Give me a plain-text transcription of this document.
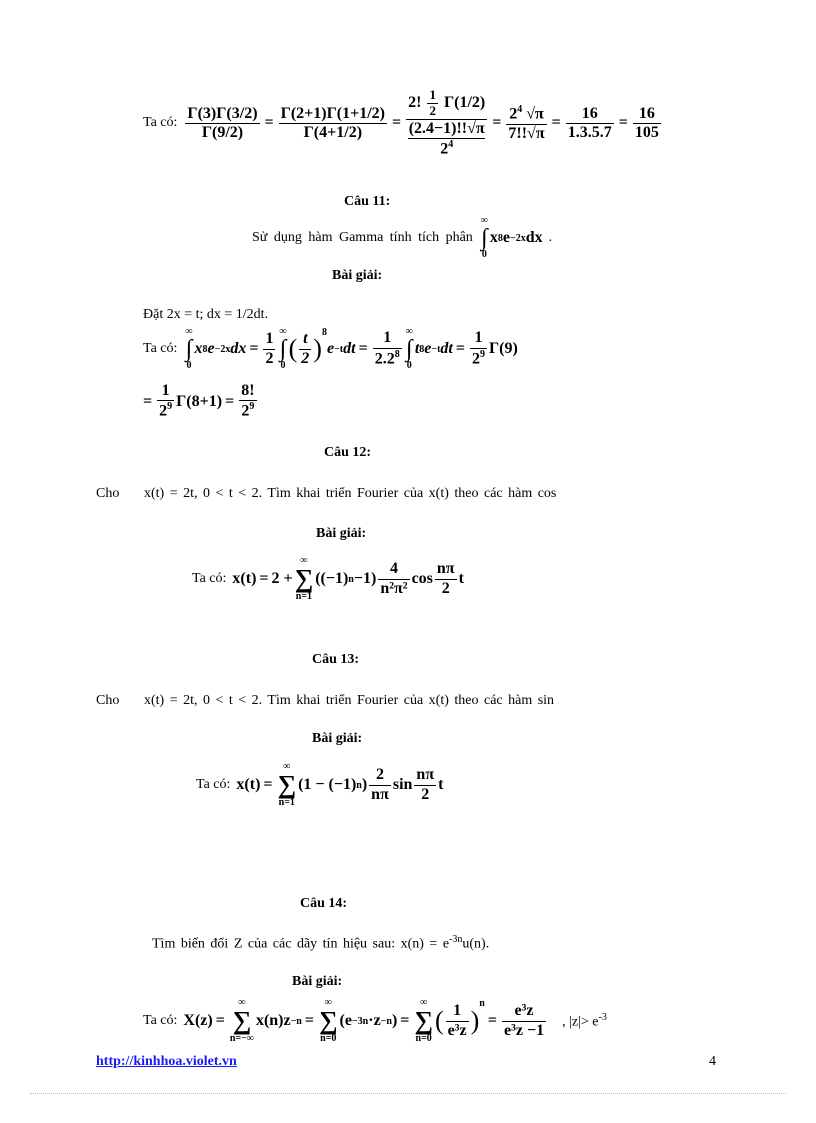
Ta có: $\frac{\Gamma(3)\Gamma(3/2)}{\Gamma(9/2)} = \frac{\Gamma(2+1)\Gamma(1+1/2)}{\Gamma(4+1/2)} = 2$! $\frac{1}{2} \Gamma(1/2)$
(2.4−1)!!√π
$2^4 = \frac{2^4 √\pi}{7!!√\pi} = \frac{16}{1.3.5.7} = \frac{16}{105}$
Câu 11:
Sử dụng hàm Gamma tính tích phân
∞
∫
0
x 8 e −2x dx .
Bài giải:
Đặt 2x = t; dx = 1/2dt.
Ta có:
∞
∫
0
x 8 e −2x dx = $\frac{1}{2}$ ∞
∫
0
( $\frac{t}{2}$ )
$^8$
e −t dt = $\frac{1}{2.2^8}$ ∞
∫
0
t 8 e −t dt = $\frac{1}{2^9} \Gamma(9)$
= $\frac{1}{2^9} \Gamma(8+1) = \frac{8!}{2^9}$
Câu 12:
Cho x(t) = 2t, 0 < t < 2. Tìm khai triển Fourier của x(t) theo các hàm cos
Bài giải:
Ta có: x(t) = 2 +
∞
∑
n=1
((−1) $n -1) \frac{4}{\text{n²π²}}$ $\cos \frac{n\pi}{2}$ t
Câu 13:
Cho x(t) = 2t, 0 < t < 2. Tìm khai triển Fourier của x(t) theo các hàm sin
Bài giải:
Ta có: x(t) =
∞
∑
n=1
(1 − (−1) n ) $\frac{2}{n\pi}$ $\sin \frac{n\pi}{2}$ t
Câu 14:
Tìm biến đổi Z của các dãy tín hiệu sau: $x(n) = e^{-3n}u(n)$.
Bài giải:
Ta có: X(z) =
∞
∑
n=−∞
x(n)z −n =
∞
∑
n=0
(e −3n ·z −n ) =
∞
∑
n=0
( $\frac{1}{\text{e³z}}$ )
$^n$
= $\frac{\text{e³z}}{\text{e³z −1}}$ , $|z|> e^{-3}$
http://kinhhoa.violet.vn	4
